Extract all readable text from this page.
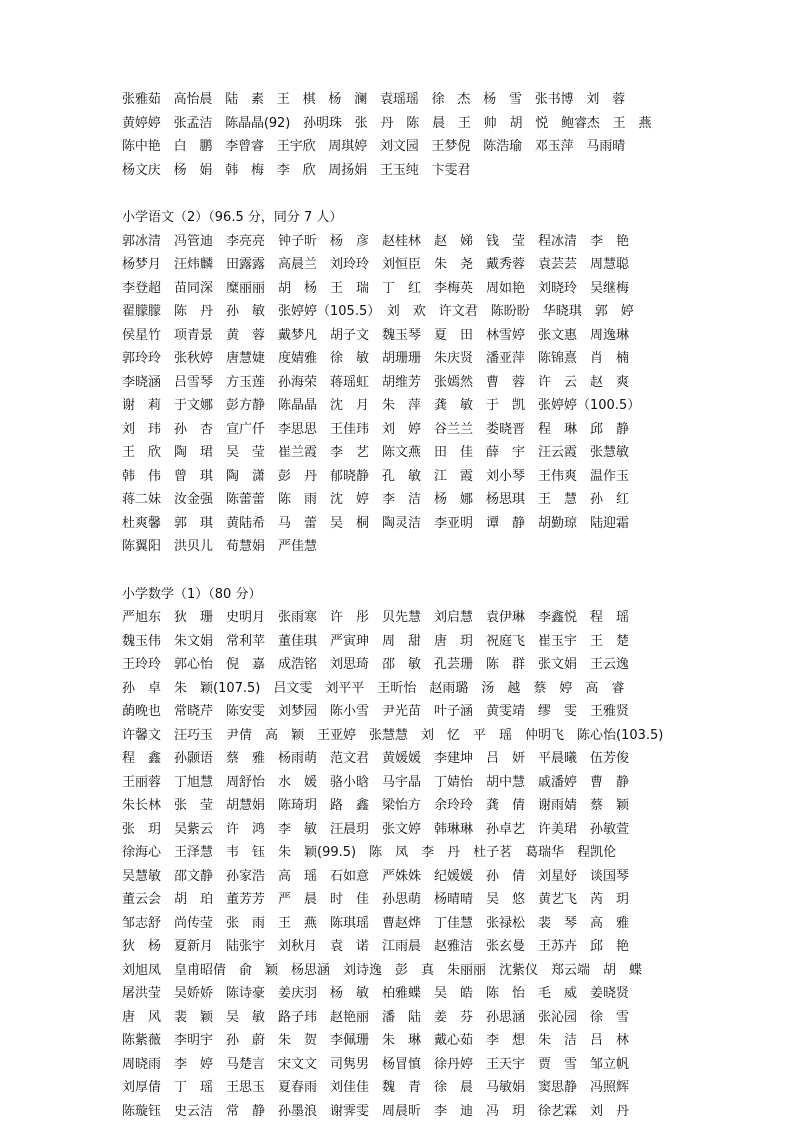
张雅茹　高怡晨　陆　素　王　棋　杨　澜　袁瑶瑶　徐　杰　杨　雪　张书博　刘　蓉
黄婷婷　张孟洁　陈晶晶(92)　孙明珠　张　丹　陈　晨　王　帅　胡　悦　鲍睿杰　王　燕
陈中艳　白　鹏　李曾睿　王宇欣　周琪婷　刘文园　王梦倪　陈浩瑜　邓玉萍　马雨晴
杨文庆　杨　娟　韩　梅　李　欣　周扬娟　王玉纯　卞雯君
小学语文（2）（96.5 分，同分 7 人）
郭冰清　冯管迪　李亮亮　钟子昕　杨　彦　赵桂林　赵　娣　钱　莹　程冰清　李　艳
杨梦月　汪炜麟　田露露　高晨兰　刘玲玲　刘恒臣　朱　尧　戴秀蓉　袁芸芸　周慧聪
李登超　苗同深　糜丽丽　胡　杨　王　瑞　丁　红　李梅英　周如艳　刘晓玲　吴继梅
翟朦朦　陈　丹　孙　敏　张婷婷（105.5）　刘　欢　许文君　陈盼盼　华晓琪　郭　婷
侯星竹　项青景　黄　蓉　戴梦凡　胡子文　魏玉琴　夏　田　林雪婷　张文惠　周逸琳
郭玲玲　张秋婷　唐慧婕　度婧雅　徐　敏　胡珊珊　朱庆贤　潘亚萍　陈锦熹　肖　楠
李晓涵　吕雪琴　方玉莲　孙海荣　蒋瑶虹　胡维芳　张嫣然　曹　蓉　许　云　赵　爽
谢　莉　于文娜　彭方静　陈晶晶　沈　月　朱　萍　龚　敏　于　凯　张婷婷（100.5）
刘　玮　孙　杏　宣广仟　李思思　王佳玮　刘　婷　谷兰兰　娄晓晋　程　琳　邱　静
王　欣　陶　珺　吴　莹　崔兰霞　李　艺　陈文燕　田　佳　薛　宇　汪云霞　张慧敏
韩　伟　曾　琪　陶　潇　彭　丹　郁晓静　孔　敏　江　霞　刘小琴　王伟爽　温作玉
蒋二妹　汝金强　陈蕾蕾　陈　雨　沈　婷　李　洁　杨　娜　杨思琪　王　慧　孙　红
杜爽馨　郭　琪　黄陆希　马　蕾　吴　桐　陶灵洁　李亚明　谭　静　胡勤琼　陆迎霜
陈翼阳　洪贝儿　荀慧娟　严佳慧
小学数学（1）（80 分）
严旭东　狄　珊　史明月　张雨寒　许　彤　贝先慧　刘启慧　袁伊琳　李鑫悦　程　瑶
魏玉伟　朱文娟　常利苹　董佳琪　严寅珅　周　甜　唐　玥　祝庭飞　崔玉宇　王　楚
王玲玲　郭心怡　倪　嘉　成浩铭　刘思琦　邵　敏　孔芸珊　陈　群　张文娟　王云逸
孙　卓　朱　颖(107.5)　吕文雯　刘平平　王昕怡　赵雨璐　汤　越　蔡　婷　高　睿
蓢晚也　常晓芹　陈安雯　刘梦园　陈小雪　尹光苗　叶子涵　黄雯靖　缪　雯　王雅贤
许馨文　汪巧玉　尹倩　高　颖　王亚婷　张慧慧　刘　忆　平　瑶　仲明飞　陈心怡(103.5)
程　鑫　孙颢语　蔡　雅　杨雨萌　范文君　黄媛媛　李建坤　吕　妍　平晨曦　伍芳俊
王丽蓉　丁旭慧　周舒怡　水　媛　骆小晗　马宇晶　丁婧怡　胡中慧　戚潘婷　曹　静
朱长林　张　莹　胡慧娟　陈琦玥　路　鑫　梁怡方　余玲玲　龚　倩　谢雨婧　蔡　颖
张　玥　吴紫云　许　鸿　李　敏　汪晨玥　张文婷　韩琳琳　孙卓艺　许美珺　孙敏萱
徐海心　王泽慧　韦　钰　朱　颖(99.5)　陈　凤　李　丹　杜子茗　葛瑞华　程凯伦
吴慧敏　邵文静　孙家浩　高　瑶　石如意　严姝姝　纪媛媛　孙　倩　刘星妤　谈国琴
董云会　胡　珀　董芳芳　严　晨　时　佳　孙思萌　杨晴晴　吴　悠　黄艺飞　芮　玥
邹志舒　尚传莹　张　雨　王　燕　陈琪瑶　曹赵烨　丁佳慧　张禄松　裴　琴　高　雅
狄　杨　夏新月　陆张宇　刘秋月　袁　诺　江雨晨　赵雅洁　张玄曼　王苏卉　邱　艳
刘旭凤　皇甫昭倩　俞　颖　杨思涵　刘诗逸　彭　真　朱丽丽　沈紫仪　郑云端　胡　蝶
屠洪莹　吴娇娇　陈诗豪　姜庆羽　杨　敏　柏雅蝶　吴　皓　陈　怡　毛　威　姜晓贤
唐　风　裴　颖　吴　敏　路子玮　赵艳丽　潘　陆　姜　芬　孙思涵　张沁园　徐　雪
陈紫薇　李明宇　孙　蔚　朱　贺　李佩珊　朱　琳　戴心茹　李　想　朱　洁　吕　林
周晓雨　李　婷　马楚言　宋文文　司隽男　杨冒慎　徐丹婷　王天宇　贾　雪　邹立帆
刘厚倩　丁　瑶　王思玉　夏春雨　刘佳佳　魏　青　徐　晨　马敏娟　窦思静　冯照辉
陈璇钰　史云洁　常　静　孙墨浪　谢霁雯　周晨昕　李　迪　冯　玥　徐艺霖　刘　丹
